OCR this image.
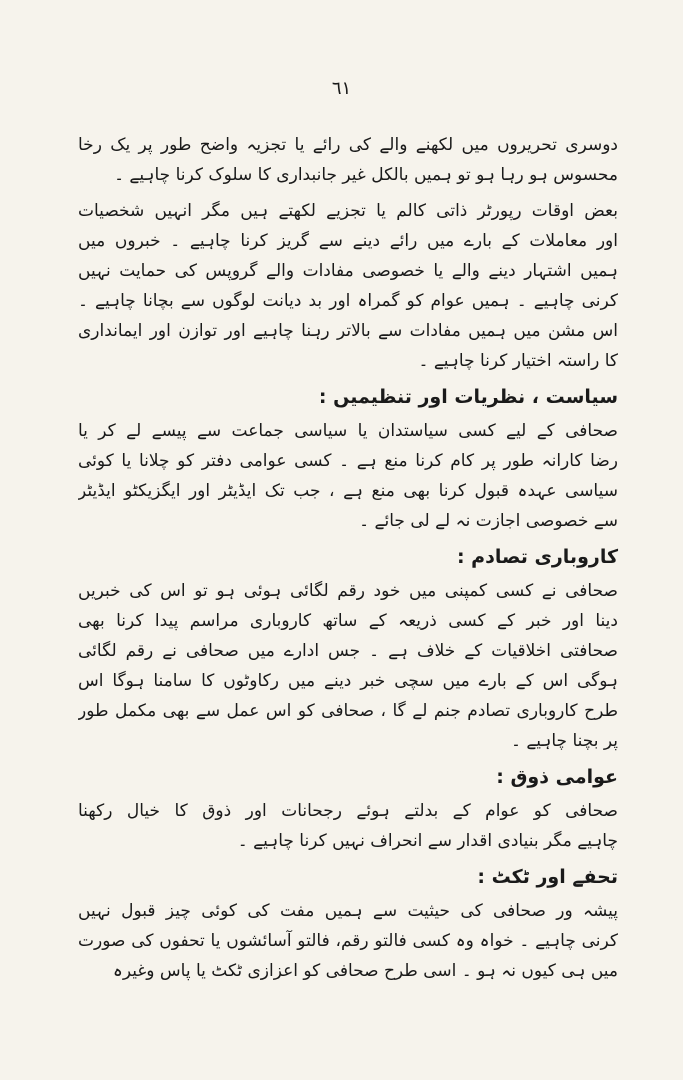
٦١
دوسری تحریروں میں لکھنے والے کی رائے یا تجزیہ واضح طور پر یک رخا
محسوس ہو رہا ہو تو ہمیں بالکل غیر جانبداری کا سلوک کرنا چاہیے ۔
بعض اوقات رپورٹر ذاتی کالم یا تجزیے لکھتے ہیں مگر انہیں شخصیات
اور معاملات کے بارے میں رائے دینے سے گریز کرنا چاہیے ۔ خبروں میں
ہمیں اشتہار دینے والے یا خصوصی مفادات والے گروپس کی حمایت نہیں
کرنی چاہیے ۔ ہمیں عوام کو گمراہ اور بد دیانت لوگوں سے بچانا چاہیے ۔
اس مشن میں ہمیں مفادات سے بالاتر رہنا چاہیے اور توازن اور ایمانداری
کا راستہ اختیار کرنا چاہیے ۔
سیاست ، نظریات اور تنظیمیں :
صحافی کے لیے کسی سیاستدان یا سیاسی جماعت سے پیسے لے کر یا
رضا کارانہ طور پر کام کرنا منع ہے ۔ کسی عوامی دفتر کو چلانا یا کوئی
سیاسی عہدہ قبول کرنا بھی منع ہے ، جب تک ایڈیٹر اور ایگزیکٹو ایڈیٹر
سے خصوصی اجازت نہ لے لی جائے ۔
کاروباری تصادم :
صحافی نے کسی کمپنی میں خود رقم لگائی ہوئی ہو تو اس کی خبریں
دینا اور خبر کے کسی ذریعہ کے ساتھ کاروباری مراسم پیدا کرنا بھی
صحافتی اخلاقیات کے خلاف ہے ۔ جس ادارے میں صحافی نے رقم لگائی
ہوگی اس کے بارے میں سچی خبر دینے میں رکاوٹوں کا سامنا ہوگا اس
طرح کاروباری تصادم جنم لے گا ، صحافی کو اس عمل سے بھی مکمل طور
پر بچنا چاہیے ۔
عوامی ذوق :
صحافی کو عوام کے بدلتے ہوئے رجحانات اور ذوق کا خیال رکھنا
چاہیے مگر بنیادی اقدار سے انحراف نہیں کرنا چاہیے ۔
تحفے اور ٹکٹ :
پیشہ ور صحافی کی حیثیت سے ہمیں مفت کی کوئی چیز قبول نہیں
کرنی چاہیے ۔ خواہ وہ کسی فالتو رقم، فالتو آسائشوں یا تحفوں کی صورت
میں ہی کیوں نہ ہو ۔ اسی طرح صحافی کو اعزازی ٹکٹ یا پاس وغیرہ
